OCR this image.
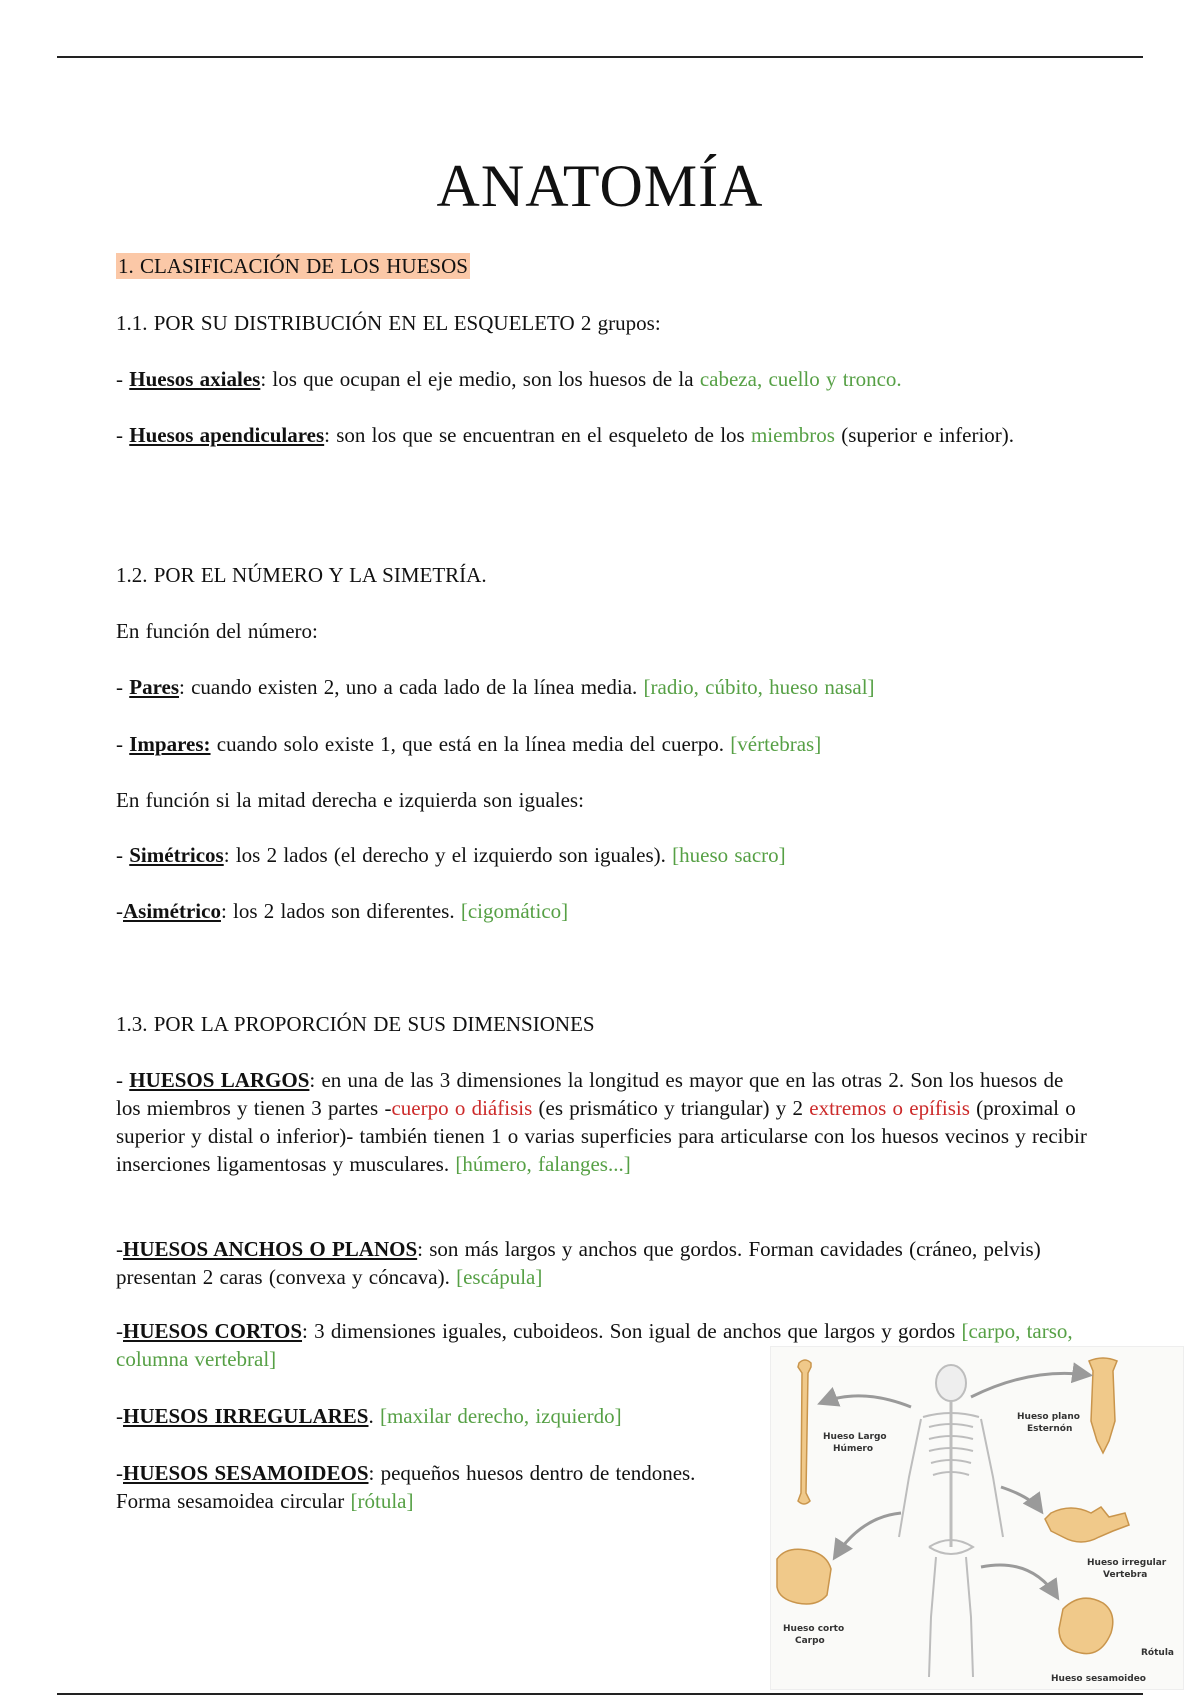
ANATOMÍA

1. CLASIFICACIÓN DE LOS HUESOS

1.1. POR SU DISTRIBUCIÓN EN EL ESQUELETO 2 grupos:

- Huesos axiales: los que ocupan el eje medio, son los huesos de la cabeza, cuello y tronco.

- Huesos apendiculares: son los que se encuentran en el esqueleto de los miembros (superior e inferior).

1.2. POR EL NÚMERO Y LA SIMETRÍA.

En función del número:

- Pares: cuando existen 2, uno a cada lado de la línea media. [radio, cúbito, hueso nasal]

- Impares: cuando solo existe 1, que está en la línea media del cuerpo. [vértebras]

En función si la mitad derecha e izquierda son iguales:

- Simétricos: los 2 lados (el derecho y el izquierdo son iguales). [hueso sacro]

-Asimétrico: los 2 lados son diferentes. [cigomático]

1.3. POR LA PROPORCIÓN DE SUS DIMENSIONES

- HUESOS LARGOS: en una de las 3 dimensiones la longitud es mayor que en las otras 2. Son los huesos de los miembros y tienen 3 partes -cuerpo o diáfisis (es prismático y triangular) y 2 extremos o epífisis (proximal o superior y distal o inferior)- también tienen 1 o varias superficies para articularse con los huesos vecinos y recibir inserciones ligamentosas y musculares. [húmero, falanges...]

-HUESOS ANCHOS O PLANOS: son más largos y anchos que gordos. Forman cavidades (cráneo, pelvis) presentan 2 caras (convexa y cóncava). [escápula]

-HUESOS CORTOS: 3 dimensiones iguales, cuboideos. Son igual de anchos que largos y gordos [carpo, tarso, columna vertebral]

-HUESOS IRREGULARES. [maxilar derecho, izquierdo]

-HUESOS SESAMOIDEOS: pequeños huesos dentro de tendones.
Forma sesamoidea circular [rótula]

Hueso Largo
Húmero
Hueso plano
Esternón
Hueso irregular
Vertebra
Hueso corto
Carpo
Rótula
Hueso sesamoideo
